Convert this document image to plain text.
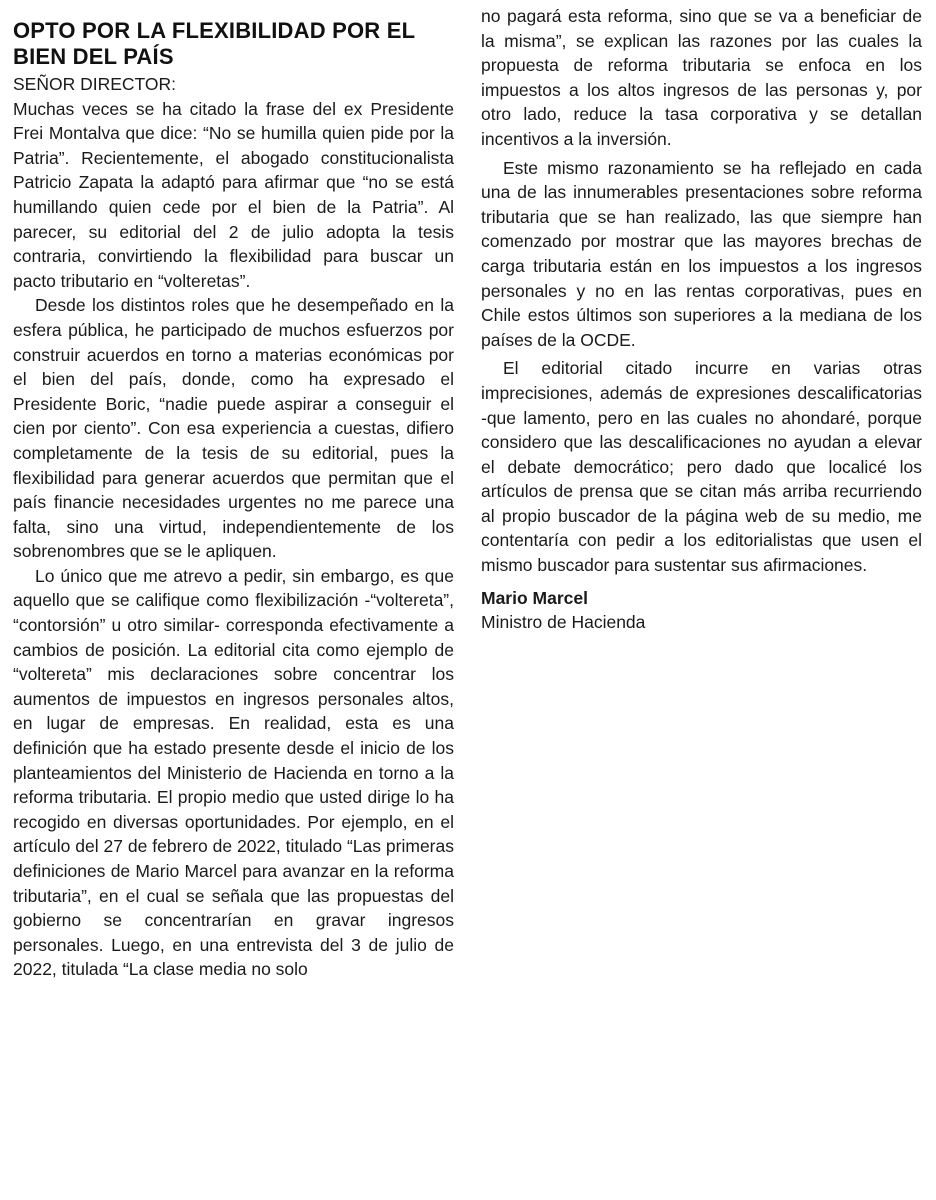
OPTO POR LA FLEXIBILIDAD POR EL BIEN DEL PAÍS
SEÑOR DIRECTOR:

Muchas veces se ha citado la frase del ex Presidente Frei Montalva que dice: “No se humilla quien pide por la Patria”. Recientemente, el abogado constitucionalista Patricio Zapata la adaptó para afirmar que “no se está humillando quien cede por el bien de la Patria”. Al parecer, su editorial del 2 de julio adopta la tesis contraria, convirtiendo la flexibilidad para buscar un pacto tributario en “volteretas”.

Desde los distintos roles que he desempeñado en la esfera pública, he participado de muchos esfuerzos por construir acuerdos en torno a materias económicas por el bien del país, donde, como ha expresado el Presidente Boric, “nadie puede aspirar a conseguir el cien por ciento”. Con esa experiencia a cuestas, difiero completamente de la tesis de su editorial, pues la flexibilidad para generar acuerdos que permitan que el país financie necesidades urgentes no me parece una falta, sino una virtud, independientemente de los sobrenombres que se le apliquen.

Lo único que me atrevo a pedir, sin embargo, es que aquello que se califique como flexibilización -“voltereta”, “contorsión” u otro similar- corresponda efectivamente a cambios de posición. La editorial cita como ejemplo de “voltereta” mis declaraciones sobre concentrar los aumentos de impuestos en ingresos personales altos, en lugar de empresas. En realidad, esta es una definición que ha estado presente desde el inicio de los planteamientos del Ministerio de Hacienda en torno a la reforma tributaria. El propio medio que usted dirige lo ha recogido en diversas oportunidades. Por ejemplo, en el artículo del 27 de febrero de 2022, titulado “Las primeras definiciones de Mario Marcel para avanzar en la reforma tributaria”, en el cual se señala que las propuestas del gobierno se concentrarían en gravar ingresos personales. Luego, en una entrevista del 3 de julio de 2022, titulada “La clase media no solo

no pagará esta reforma, sino que se va a beneficiar de la misma”, se explican las razones por las cuales la propuesta de reforma tributaria se enfoca en los impuestos a los altos ingresos de las personas y, por otro lado, reduce la tasa corporativa y se detallan incentivos a la inversión.

Este mismo razonamiento se ha reflejado en cada una de las innumerables presentaciones sobre reforma tributaria que se han realizado, las que siempre han comenzado por mostrar que las mayores brechas de carga tributaria están en los impuestos a los ingresos personales y no en las rentas corporativas, pues en Chile estos últimos son superiores a la mediana de los países de la OCDE.

El editorial citado incurre en varias otras imprecisiones, además de expresiones descalificatorias -que lamento, pero en las cuales no ahondaré, porque considero que las descalificaciones no ayudan a elevar el debate democrático; pero dado que localicé los artículos de prensa que se citan más arriba recurriendo al propio buscador de la página web de su medio, me contentaría con pedir a los editorialistas que usen el mismo buscador para sustentar sus afirmaciones.

Mario Marcel
Ministro de Hacienda
